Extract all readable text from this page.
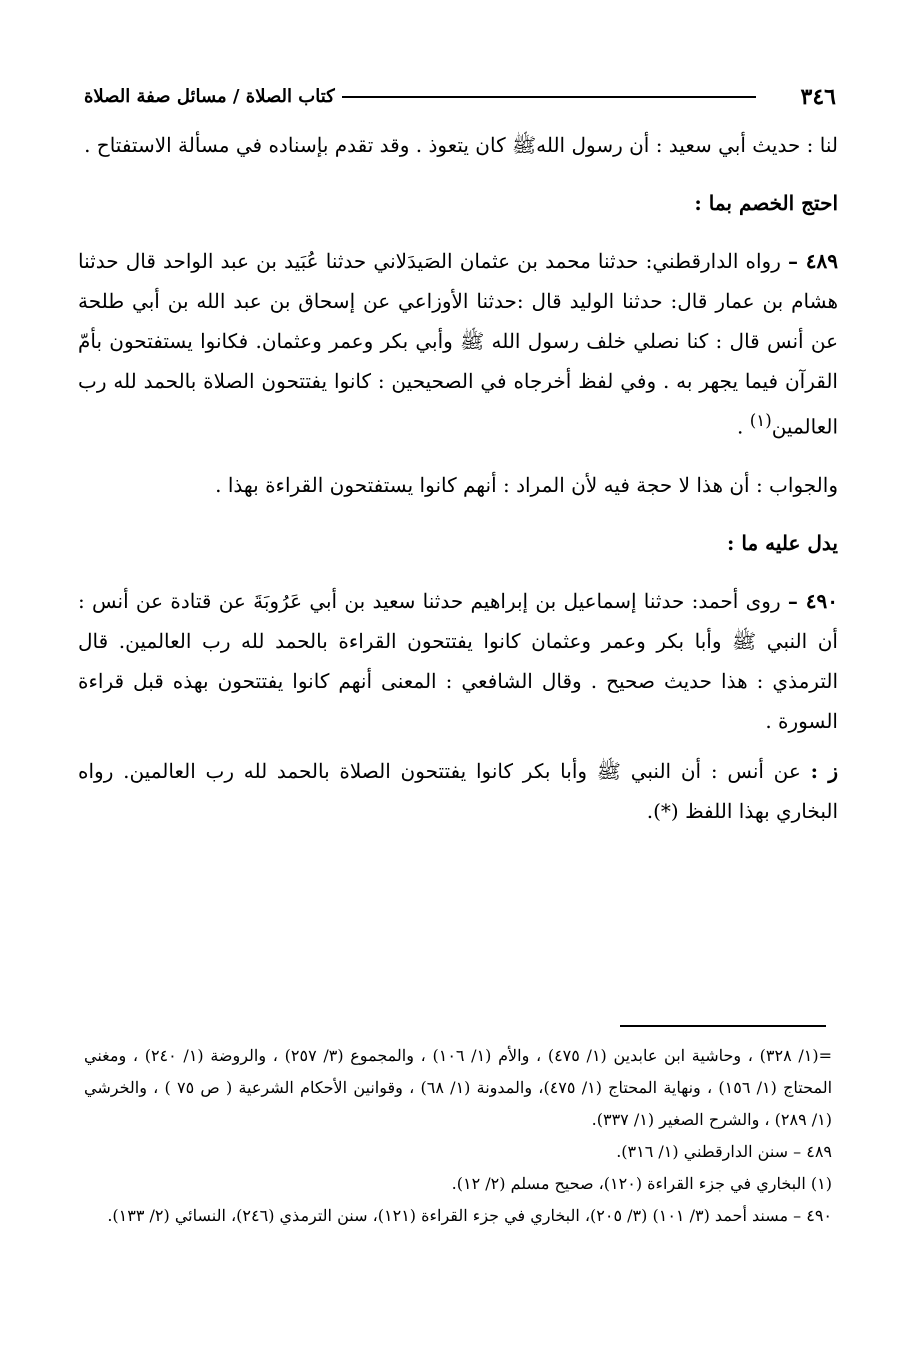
٣٤٦
كتاب الصلاة / مسائل صفة الصلاة

لنا : حديث أبي سعيد : أن رسول اللهﷺ كان يتعوذ . وقد تقدم بإسناده في مسألة الاستفتاح .

احتج الخصم بما :

٤٨٩ – رواه الدارقطني: حدثنا محمد بن عثمان الصَيدَلاني حدثنا عُبَيد بن عبد الواحد قال حدثنا هشام بن عمار قال: حدثنا الوليد قال :حدثنا الأوزاعي عن إسحاق بن عبد الله بن أبي طلحة عن أنس قال : كنا نصلي خلف رسول الله ﷺ وأبي بكر وعمر وعثمان. فكانوا يستفتحون بأمّ القرآن فيما يجهر به . وفي لفظ أخرجاه في الصحيحين : كانوا يفتتحون الصلاة بالحمد لله رب العالمين$^{(١)}$ .

والجواب : أن هذا لا حجة فيه لأن المراد : أنهم كانوا يستفتحون القراءة بهذا .

يدل عليه ما :

٤٩٠ – روى أحمد: حدثنا إسماعيل بن إبراهيم حدثنا سعيد بن أبي عَرُوبَةَ عن قتادة عن أنس : أن النبي ﷺ وأبا بكر وعمر وعثمان كانوا يفتتحون القراءة بالحمد لله رب العالمين. قال الترمذي : هذا حديث صحيح . وقال الشافعي : المعنى أنهم كانوا يفتتحون بهذه قبل قراءة السورة .

ز : عن أنس : أن النبي ﷺ وأبا بكر كانوا يفتتحون الصلاة بالحمد لله رب العالمين. رواه البخاري بهذا اللفظ (*).

=(١/ ٣٢٨) ، وحاشية ابن عابدين (١/ ٤٧٥) ، والأم (١/ ١٠٦) ، والمجموع (٣/ ٢٥٧) ، والروضة (١/ ٢٤٠) ، ومغني المحتاج (١/ ١٥٦) ، ونهاية المحتاج (١/ ٤٧٥)، والمدونة (١/ ٦٨) ، وقوانين الأحكام الشرعية ( ص ٧٥ ) ، والخرشي (١/ ٢٨٩) ، والشرح الصغير (١/ ٣٣٧).

٤٨٩ – سنن الدارقطني (١/ ٣١٦).

(١) البخاري في جزء القراءة (١٢٠)، صحيح مسلم (٢/ ١٢).

٤٩٠ – مسند أحمد (٣/ ١٠١) (٣/ ٢٠٥)، البخاري في جزء القراءة (١٢١)، سنن الترمذي (٢٤٦)، النسائي (٢/ ١٣٣).
